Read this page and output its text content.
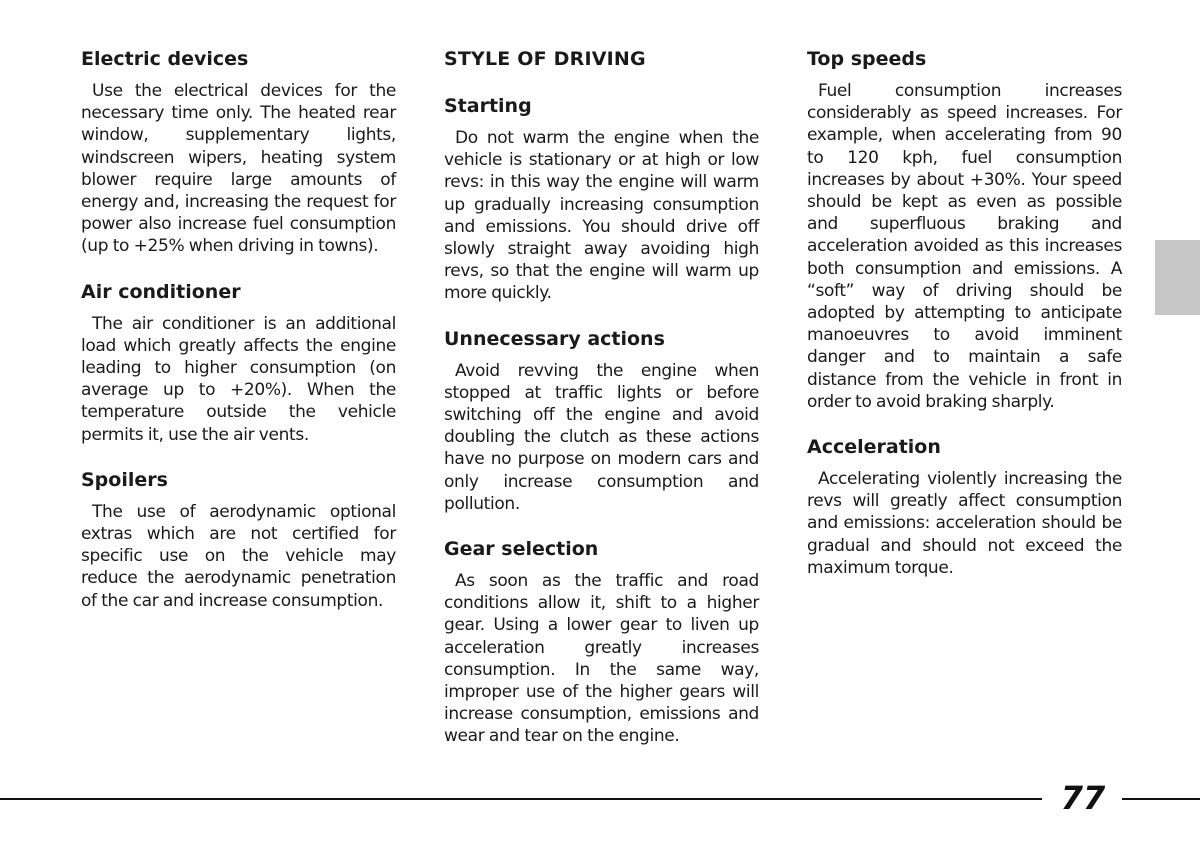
Electric devices
Use the electrical devices for the necessary time only. The heated rear window, supplementary lights, windscreen wipers, heating system blower require large amounts of energy and, increasing the request for power also increase fuel consumption (up to +25% when driving in towns).
Air conditioner
The air conditioner is an additional load which greatly affects the engine leading to higher consumption (on average up to +20%). When the temperature outside the vehicle permits it, use the air vents.
Spoilers
The use of aerodynamic optional extras which are not certified for specific use on the vehicle may reduce the aerodynamic penetration of the car and increase consumption.
STYLE OF DRIVING
Starting
Do not warm the engine when the vehicle is stationary or at high or low revs: in this way the engine will warm up gradually increasing consumption and emissions. You should drive off slowly straight away avoiding high revs, so that the engine will warm up more quickly.
Unnecessary actions
Avoid revving the engine when stopped at traffic lights or before switching off the engine and avoid doubling the clutch as these actions have no purpose on modern cars and only increase consumption and pollution.
Gear selection
As soon as the traffic and road conditions allow it, shift to a higher gear. Using a lower gear to liven up acceleration greatly increases consumption. In the same way, improper use of the higher gears will increase consumption, emissions and wear and tear on the engine.
Top speeds
Fuel consumption increases considerably as speed increases. For example, when accelerating from 90 to 120 kph, fuel consumption increases by about +30%. Your speed should be kept as even as possible and superfluous braking and acceleration avoided as this increases both consumption and emissions. A “soft” way of driving should be adopted by attempting to anticipate manoeuvres to avoid imminent danger and to maintain a safe distance from the vehicle in front in order to avoid braking sharply.
Acceleration
Accelerating violently increasing the revs will greatly affect consumption and emissions: acceleration should be gradual and should not exceed the maximum torque.
77
